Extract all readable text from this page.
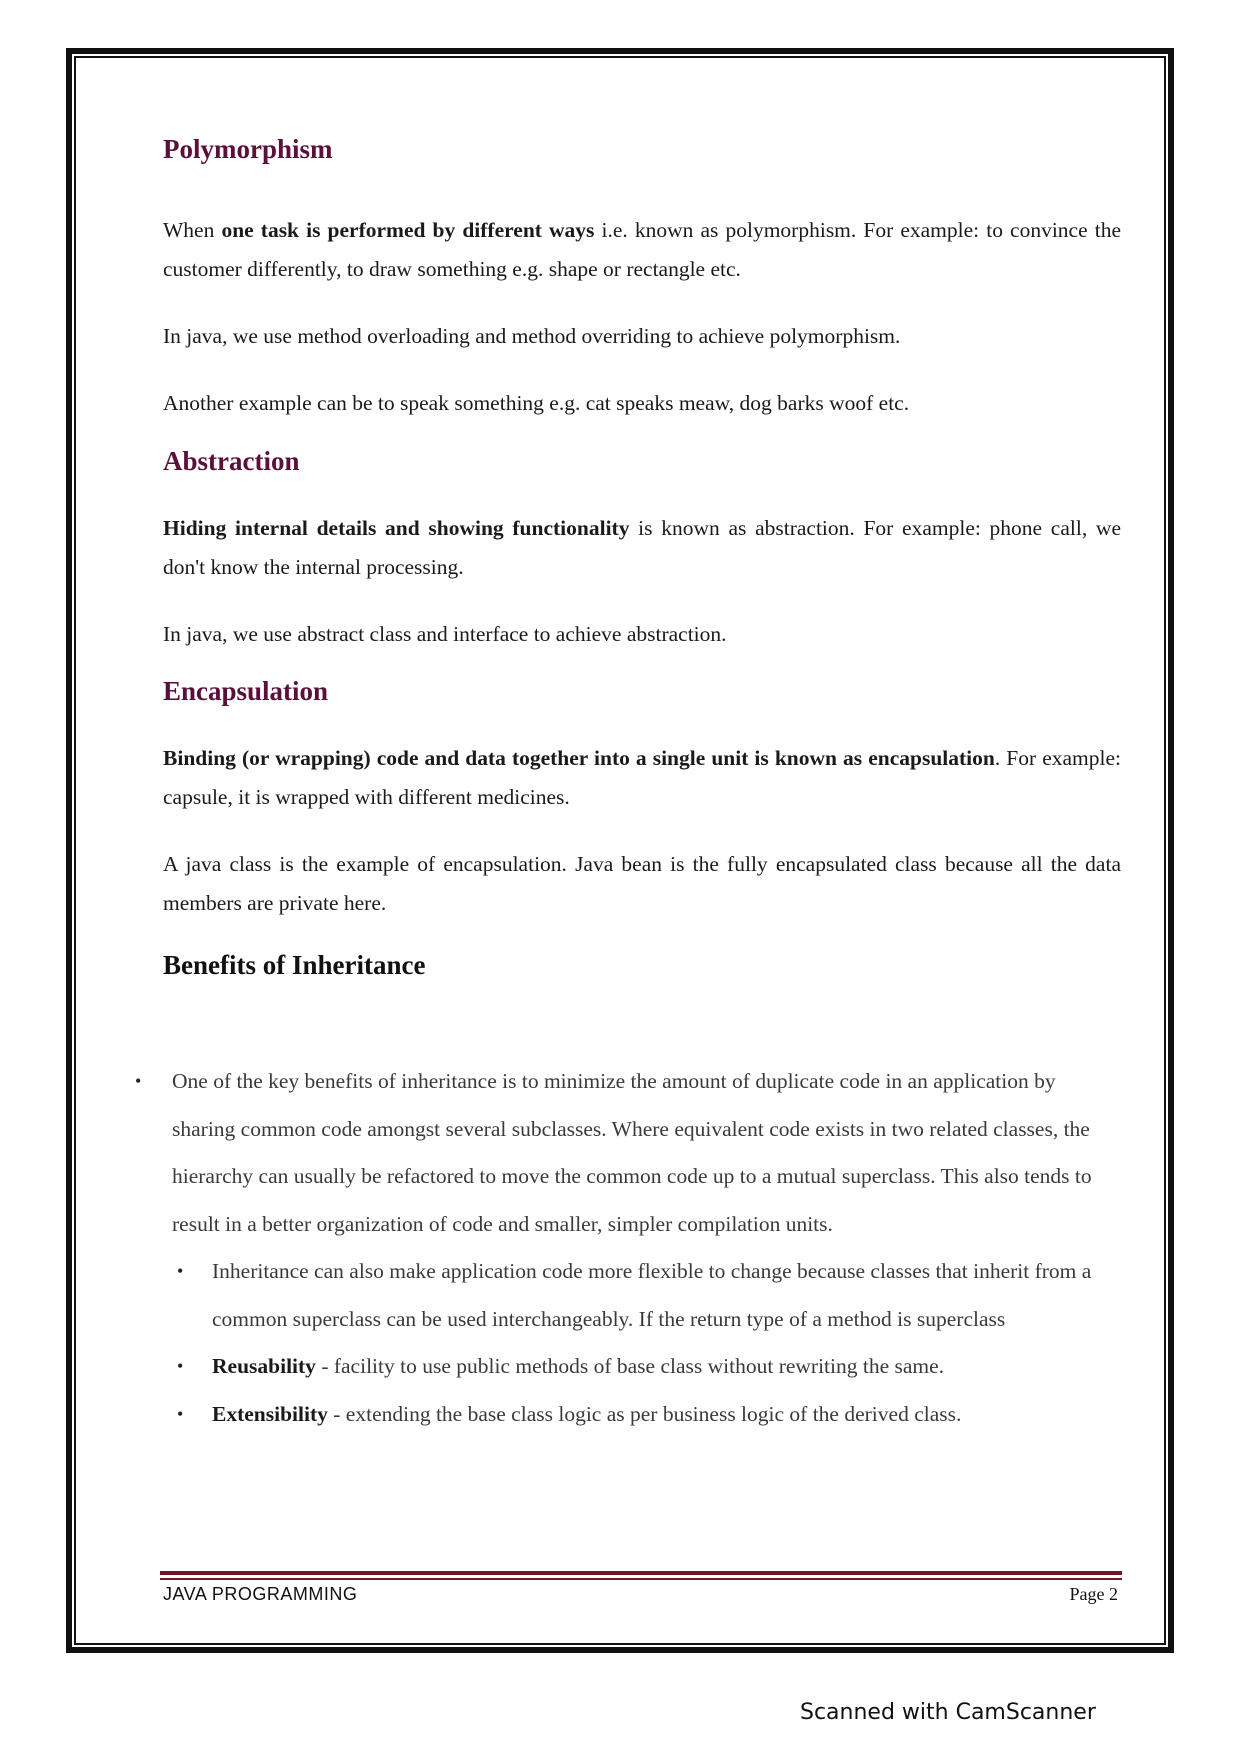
Polymorphism

When one task is performed by different ways i.e. known as polymorphism. For example: to convince the customer differently, to draw something e.g. shape or rectangle etc.

In java, we use method overloading and method overriding to achieve polymorphism.

Another example can be to speak something e.g. cat speaks meaw, dog barks woof etc.

Abstraction

Hiding internal details and showing functionality is known as abstraction. For example: phone call, we don't know the internal processing.

In java, we use abstract class and interface to achieve abstraction.

Encapsulation

Binding (or wrapping) code and data together into a single unit is known as encapsulation. For example: capsule, it is wrapped with different medicines.

A java class is the example of encapsulation. Java bean is the fully encapsulated class because all the data members are private here.

Benefits of Inheritance
• One of the key benefits of inheritance is to minimize the amount of duplicate code in an application by sharing common code amongst several subclasses. Where equivalent code exists in two related classes, the hierarchy can usually be refactored to move the common code up to a mutual superclass. This also tends to result in a better organization of code and smaller, simpler compilation units.
• Inheritance can also make application code more flexible to change because classes that inherit from a common superclass can be used interchangeably. If the return type of a method is superclass
• Reusability - facility to use public methods of base class without rewriting the same.
• Extensibility - extending the base class logic as per business logic of the derived class.
JAVA PROGRAMMING	Page 2
Scanned with CamScanner
